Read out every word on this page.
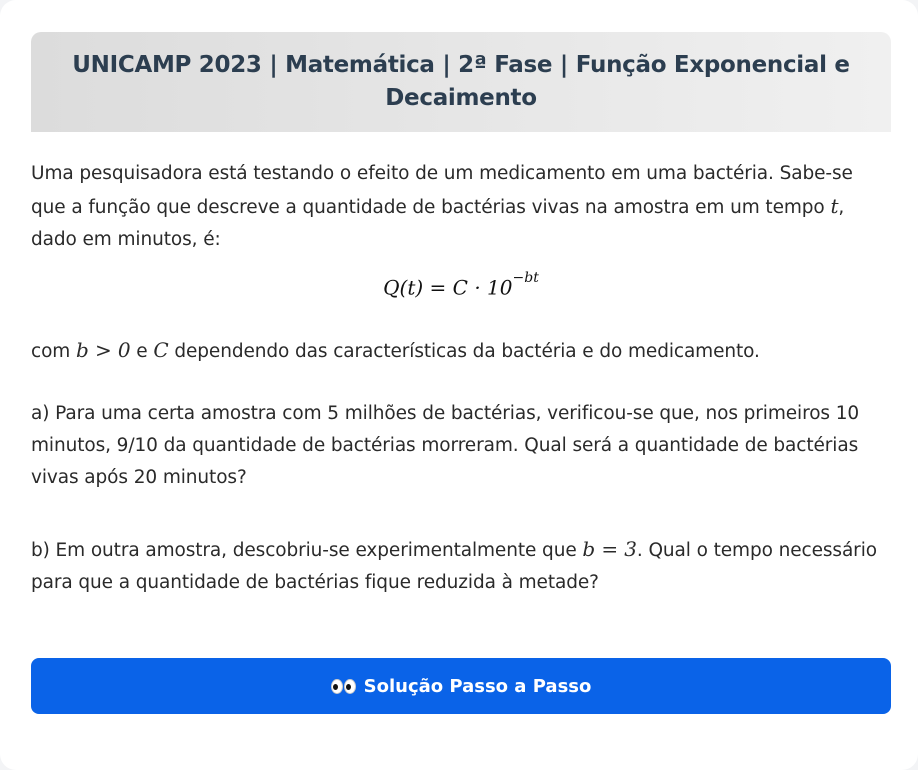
UNICAMP 2023 | Matemática | 2ª Fase | Função Exponencial e Decaimento

Uma pesquisadora está testando o efeito de um medicamento em uma bactéria. Sabe-se que a função que descreve a quantidade de bactérias vivas na amostra em um tempo t, dado em minutos, é:

$Q(t) = C \cdot 10^{-bt}$

com b > 0 e C dependendo das características da bactéria e do medicamento.

a) Para uma certa amostra com 5 milhões de bactérias, verificou-se que, nos primeiros 10 minutos, 9/10 da quantidade de bactérias morreram. Qual será a quantidade de bactérias vivas após 20 minutos?

b) Em outra amostra, descobriu-se experimentalmente que b = 3. Qual o tempo necessário para que a quantidade de bactérias fique reduzida à metade?

Solução Passo a Passo
